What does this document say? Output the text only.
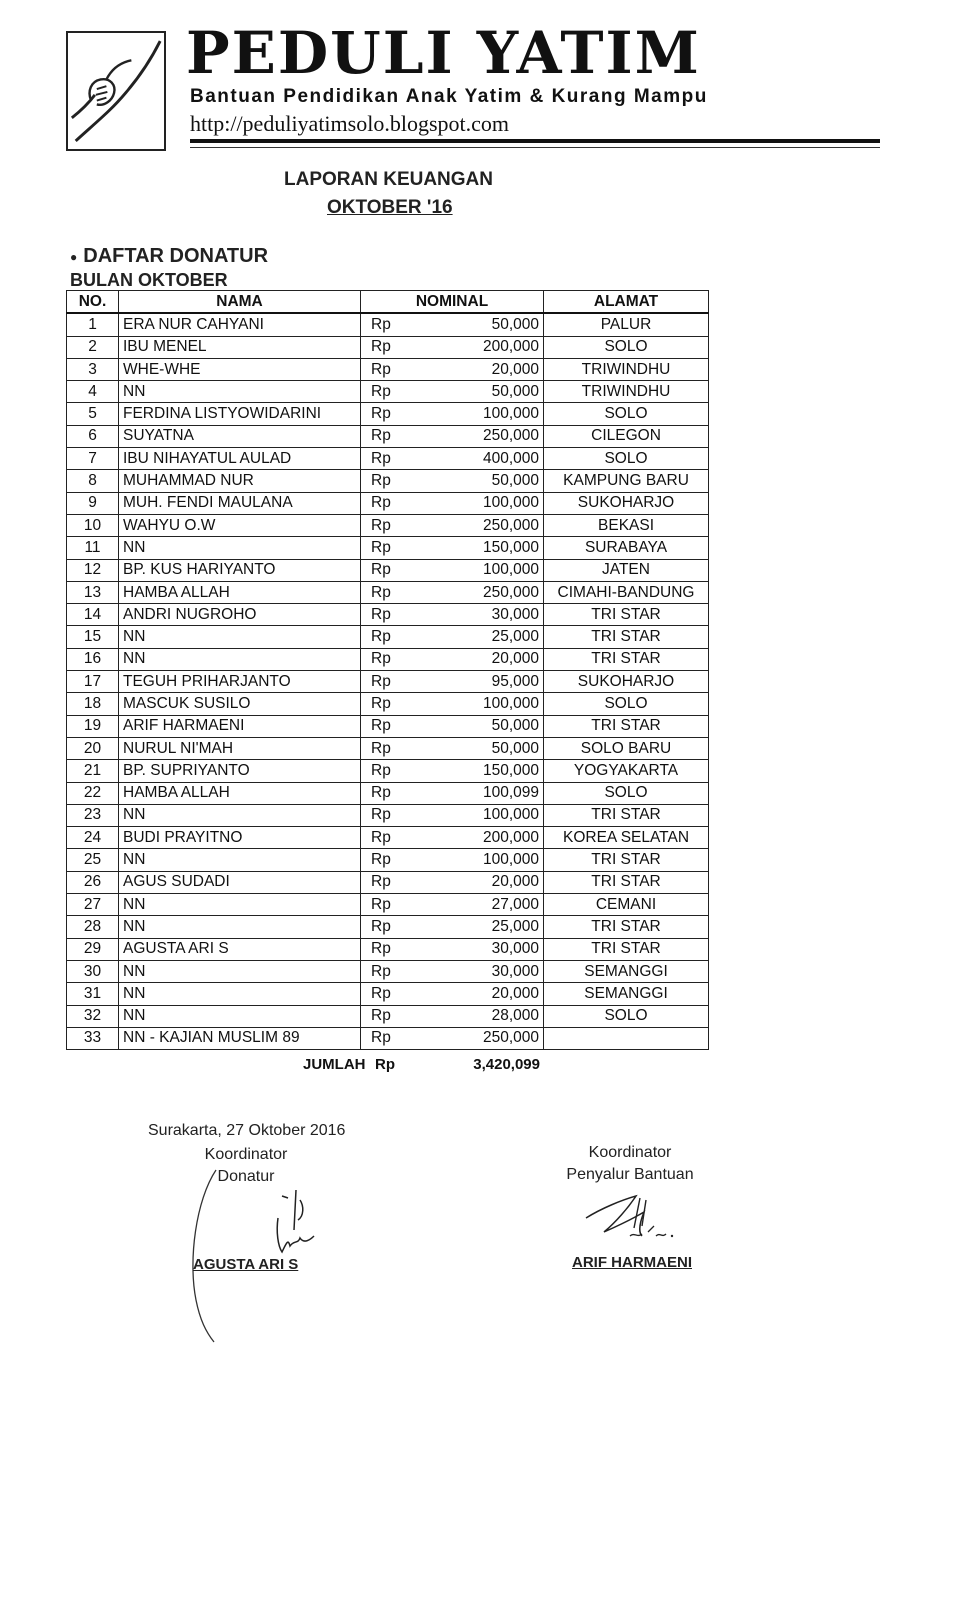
PEDULI YATIM
Bantuan Pendidikan Anak Yatim & Kurang Mampu
http://peduliyatimsolo.blogspot.com
LAPORAN KEUANGAN
OKTOBER '16
● DAFTAR DONATUR
BULAN OKTOBER
NO.	NAMA	NOMINAL		ALAMAT
1	ERA NUR CAHYANI	Rp	50,000	PALUR
2	IBU MENEL	Rp	200,000	SOLO
3	WHE-WHE	Rp	20,000	TRIWINDHU
4	NN	Rp	50,000	TRIWINDHU
5	FERDINA LISTYOWIDARINI	Rp	100,000	SOLO
6	SUYATNA	Rp	250,000	CILEGON
7	IBU NIHAYATUL AULAD	Rp	400,000	SOLO
8	MUHAMMAD NUR	Rp	50,000	KAMPUNG BARU
9	MUH. FENDI MAULANA	Rp	100,000	SUKOHARJO
10	WAHYU O.W	Rp	250,000	BEKASI
11	NN	Rp	150,000	SURABAYA
12	BP. KUS HARIYANTO	Rp	100,000	JATEN
13	HAMBA ALLAH	Rp	250,000	CIMAHI-BANDUNG
14	ANDRI NUGROHO	Rp	30,000	TRI STAR
15	NN	Rp	25,000	TRI STAR
16	NN	Rp	20,000	TRI STAR
17	TEGUH PRIHARJANTO	Rp	95,000	SUKOHARJO
18	MASCUK SUSILO	Rp	100,000	SOLO
19	ARIF HARMAENI	Rp	50,000	TRI STAR
20	NURUL NI'MAH	Rp	50,000	SOLO BARU
21	BP. SUPRIYANTO	Rp	150,000	YOGYAKARTA
22	HAMBA ALLAH	Rp	100,099	SOLO
23	NN	Rp	100,000	TRI STAR
24	BUDI PRAYITNO	Rp	200,000	KOREA SELATAN
25	NN	Rp	100,000	TRI STAR
26	AGUS SUDADI	Rp	20,000	TRI STAR
27	NN	Rp	27,000	CEMANI
28	NN	Rp	25,000	TRI STAR
29	AGUSTA ARI S	Rp	30,000	TRI STAR
30	NN	Rp	30,000	SEMANGGI
31	NN	Rp	20,000	SEMANGGI
32	NN	Rp	28,000	SOLO
33	NN - KAJIAN MUSLIM 89	Rp	250,000	
JUMLAH Rp	3,420,099
Surakarta, 27 Oktober 2016
Koordinator
Donatur
AGUSTA ARI S
Koordinator
Penyalur Bantuan
ARIF HARMAENI
